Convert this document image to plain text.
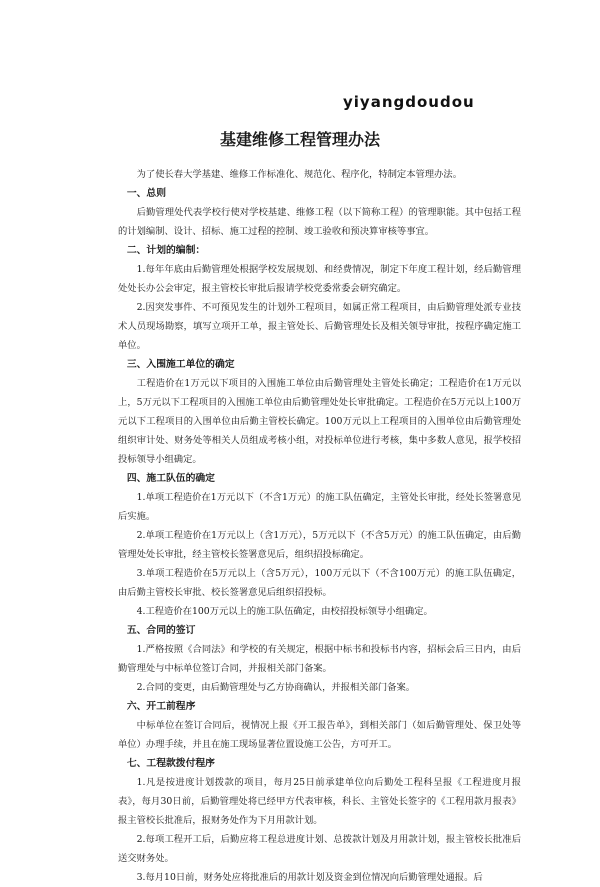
yiyangdoudou
基建维修工程管理办法

为了使长春大学基建、维修工作标准化、规范化、程序化，特制定本管理办法。

一、总则

后勤管理处代表学校行使对学校基建、维修工程（以下简称工程）的管理职能。其中包括工程的计划编制、设计、招标、施工过程的控制、竣工验收和预决算审核等事宜。

二、计划的编制：

1.每年年底由后勤管理处根据学校发展规划、和经费情况，制定下年度工程计划，经后勤管理处处长办公会审定，报主管校长审批后报请学校党委常委会研究确定。

2.因突发事件、不可预见发生的计划外工程项目，如属正常工程项目，由后勤管理处派专业技术人员现场勘察，填写立项开工单，报主管处长、后勤管理处长及相关领导审批，按程序确定施工单位。

三、入围施工单位的确定

工程造价在1万元以下项目的入围施工单位由后勤管理处主管处长确定；工程造价在1万元以上，5万元以下工程项目的入围施工单位由后勤管理处处长审批确定。工程造价在5万元以上100万元以下工程项目的入围单位由后勤主管校长确定。100万元以上工程项目的入围单位由后勤管理处组织审计处、财务处等相关人员组成考核小组，对投标单位进行考核，集中多数人意见，报学校招投标领导小组确定。

四、施工队伍的确定

1.单项工程造价在1万元以下（不含1万元）的施工队伍确定，主管处长审批，经处长签署意见后实施。

2.单项工程造价在1万元以上（含1万元），5万元以下（不含5万元）的施工队伍确定，由后勤管理处处长审批，经主管校长签署意见后，组织招投标确定。

3.单项工程造价在5万元以上（含5万元），100万元以下（不含100万元）的施工队伍确定，由后勤主管校长审批、校长签署意见后组织招投标。

4.工程造价在100万元以上的施工队伍确定，由校招投标领导小组确定。

五、合同的签订

1.严格按照《合同法》和学校的有关规定，根据中标书和投标书内容，招标会后三日内，由后勤管理处与中标单位签订合同，并报相关部门备案。

2.合同的变更，由后勤管理处与乙方协商确认，并报相关部门备案。

六、开工前程序

中标单位在签订合同后，视情况上报《开工报告单》，到相关部门（如后勤管理处、保卫处等单位）办理手续，并且在施工现场显著位置设施工公告，方可开工。

七、工程款拨付程序

1.凡是按进度计划拨款的项目，每月25日前承建单位向后勤处工程科呈报《工程进度月报表》，每月30日前，后勤管理处将已经甲方代表审核，科长、主管处长签字的《工程用款月报表》报主管校长批准后，报财务处作为下月用款计划。

2.每项工程开工后，后勤应将工程总进度计划、总拨款计划及月用款计划，报主管校长批准后送交财务处。

3.每月10日前，财务处应将批准后的用款计划及资金到位情况向后勤管理处通报。后
